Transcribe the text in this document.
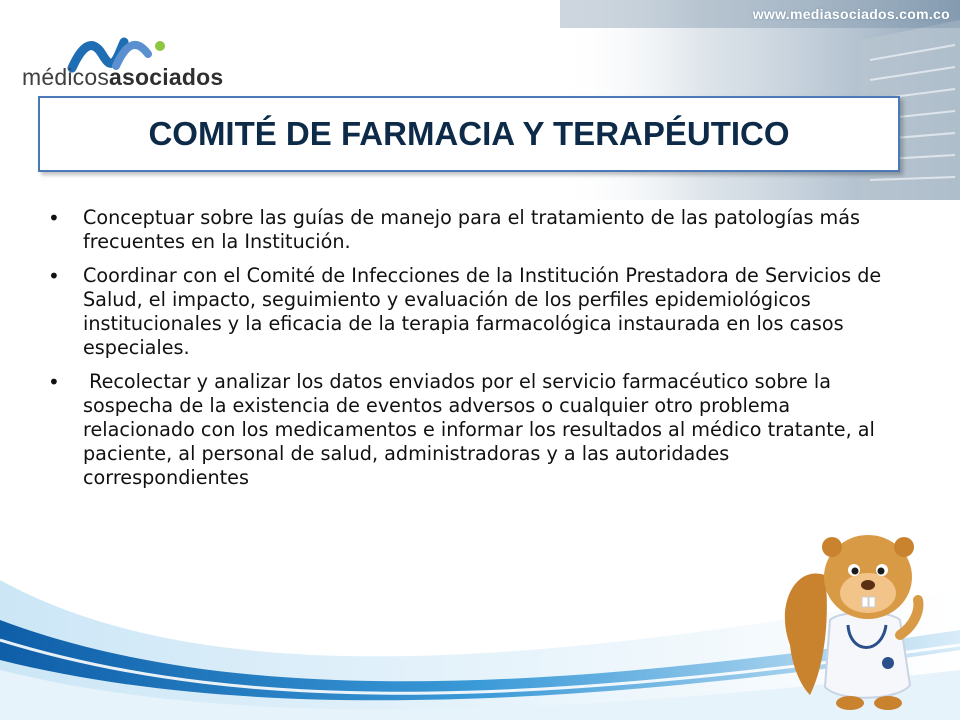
www.mediasociados.com.co
médicosasociados
COMITÉ DE FARMACIA Y TERAPÉUTICO
• Conceptuar sobre las guías de manejo para el tratamiento de las patologías más frecuentes en la Institución.
• Coordinar con el Comité de Infecciones de la Institución Prestadora de Servicios de Salud, el impacto, seguimiento y evaluación de los perfiles epidemiológicos institucionales y la eficacia de la terapia farmacológica instaurada en los casos especiales.
• Recolectar y analizar los datos enviados por el servicio farmacéutico sobre la sospecha de la existencia de eventos adversos o cualquier otro problema relacionado con los medicamentos e informar los resultados al médico tratante, al paciente, al personal de salud, administradoras y a las autoridades correspondientes
